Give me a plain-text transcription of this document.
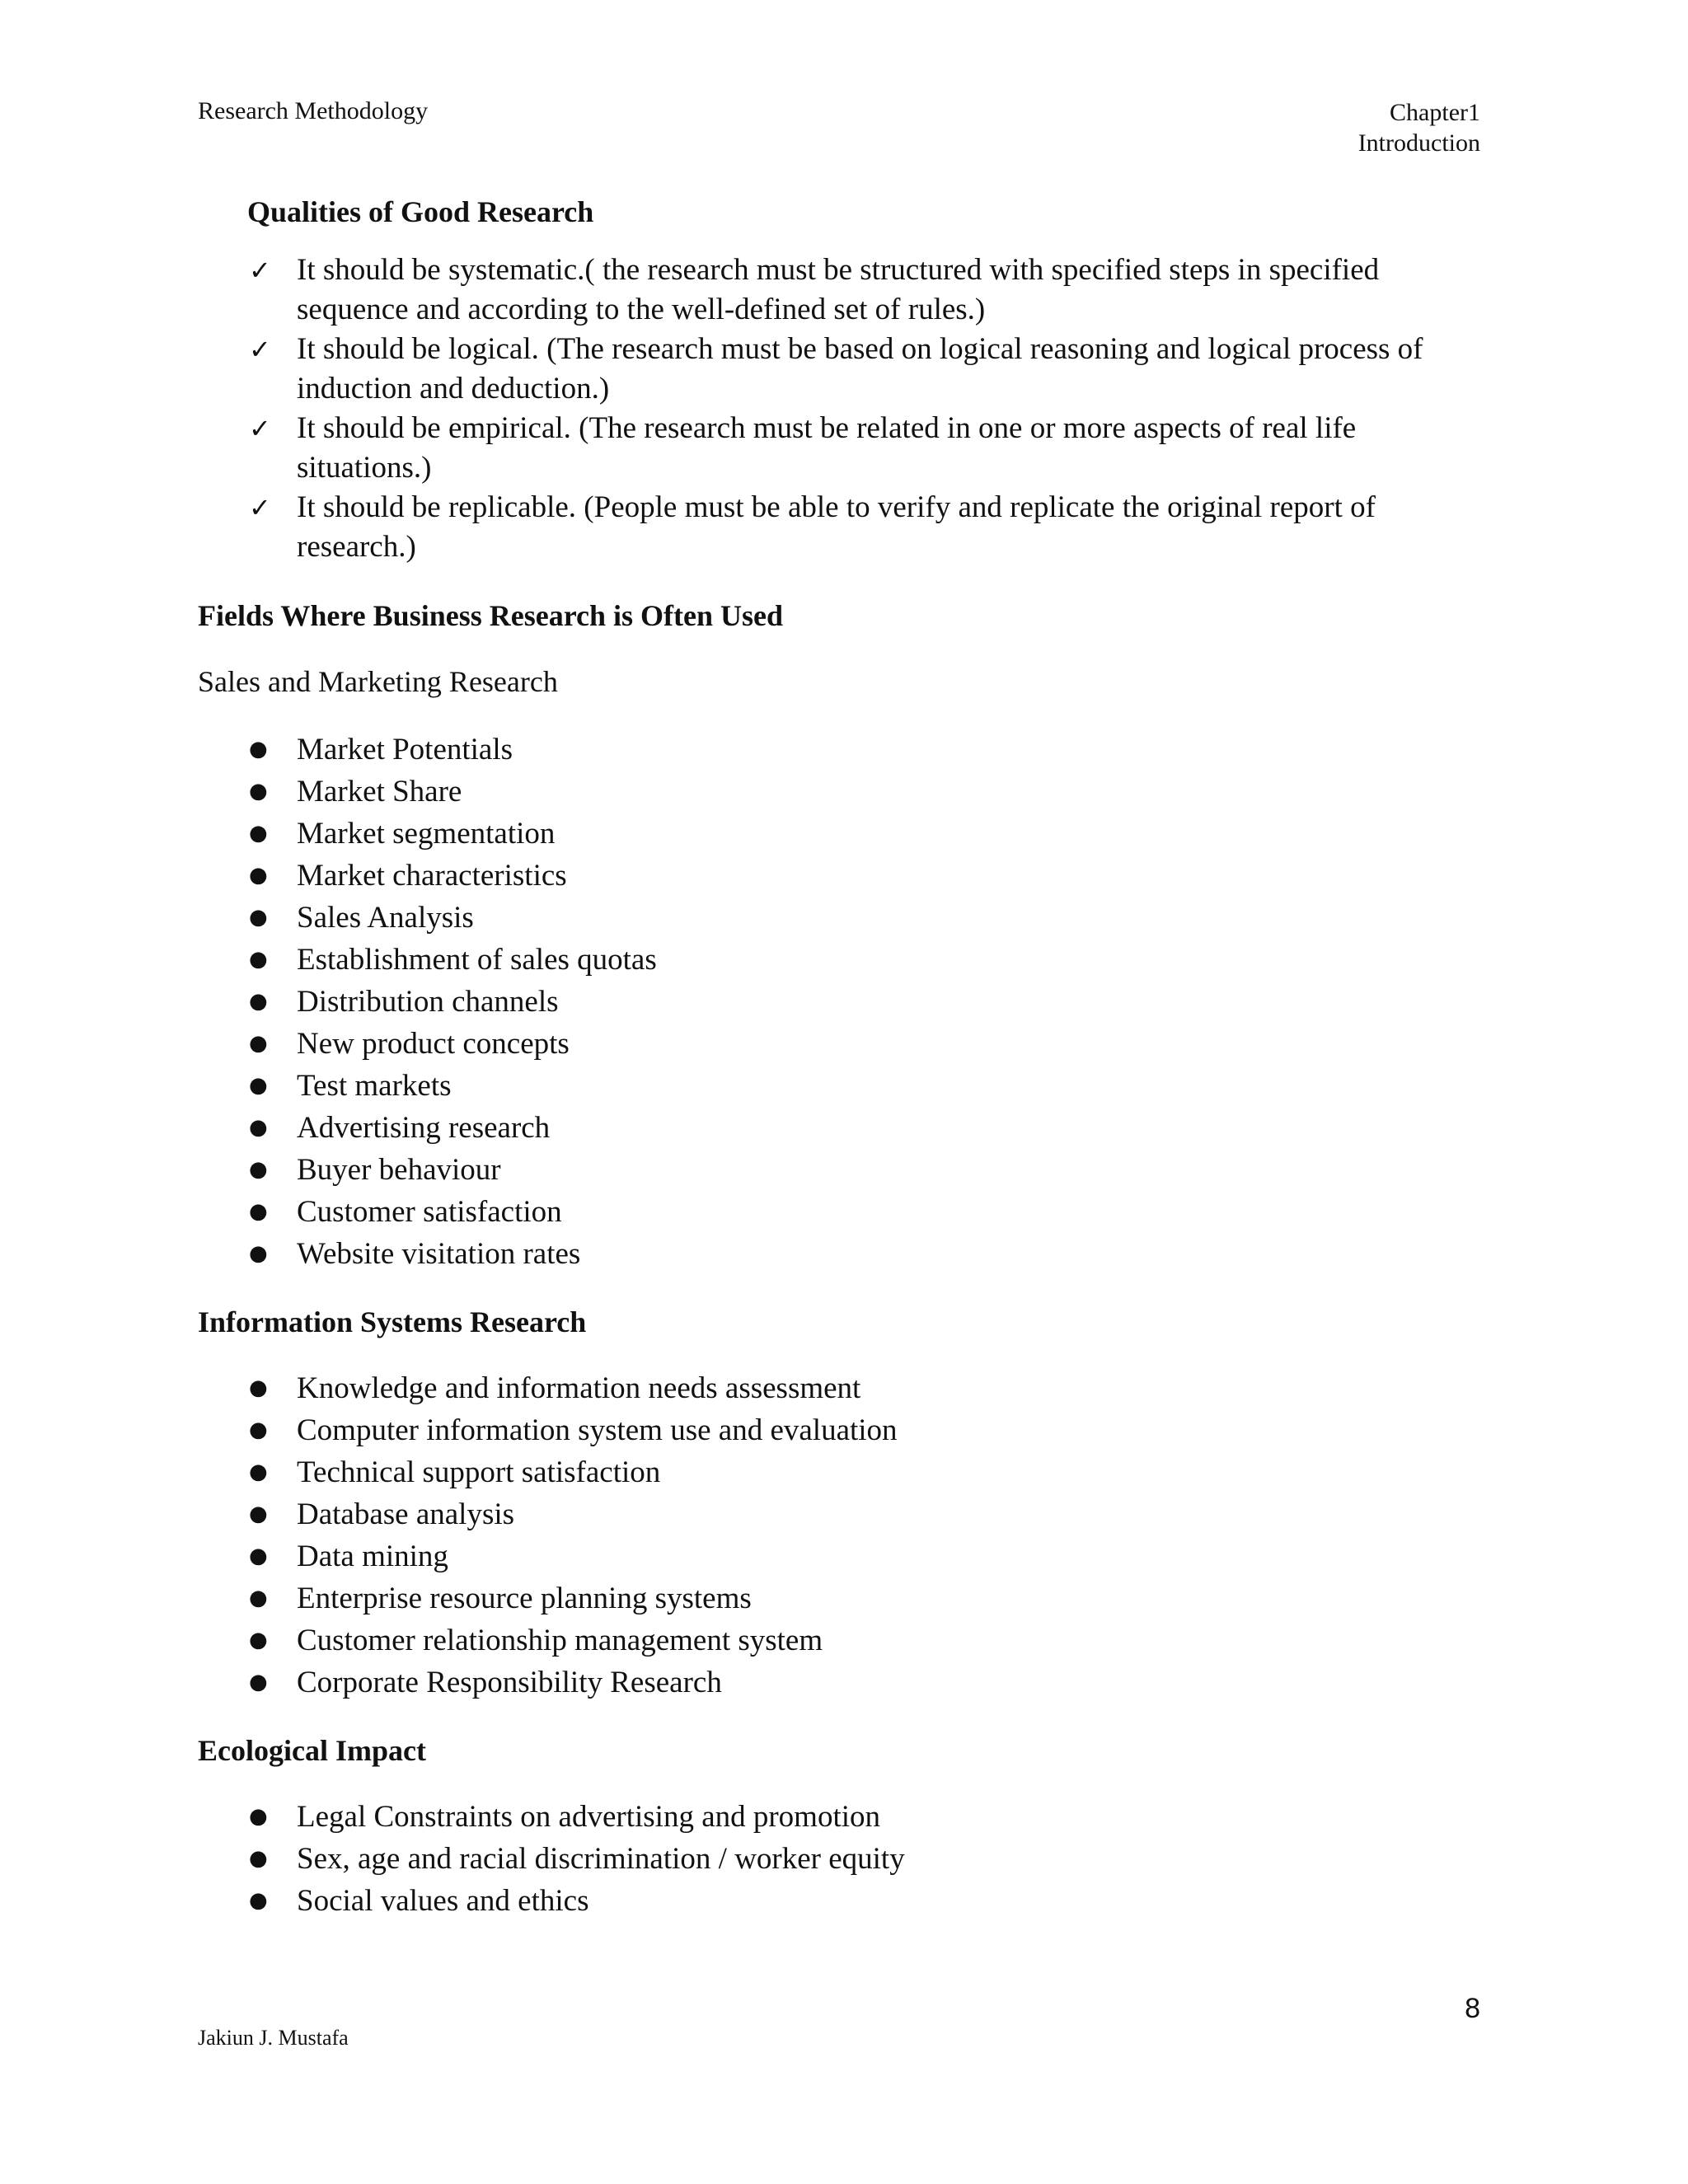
Research Methodology	Chapter1
Introduction

Qualities of Good Research

✓ It should be systematic.( the research must be structured with specified steps in specified sequence and according to the well-defined set of rules.)
✓ It should be logical. (The research must be based on logical reasoning and logical process of induction and deduction.)
✓ It should be empirical. (The research must be related in one or more aspects of real life situations.)
✓ It should be replicable. (People must be able to verify and replicate the original report of research.)

Fields Where Business Research is Often Used

Sales and Marketing Research

● Market Potentials
● Market Share
● Market segmentation
● Market characteristics
● Sales Analysis
● Establishment of sales quotas
● Distribution channels
● New product concepts
● Test markets
● Advertising research
● Buyer behaviour
● Customer satisfaction
● Website visitation rates

Information Systems Research

● Knowledge and information needs assessment
● Computer information system use and evaluation
● Technical support satisfaction
● Database analysis
● Data mining
● Enterprise resource planning systems
● Customer relationship management system
● Corporate Responsibility Research

Ecological Impact

● Legal Constraints on advertising and promotion
● Sex, age and racial discrimination / worker equity
● Social values and ethics
8
Jakiun J. Mustafa
